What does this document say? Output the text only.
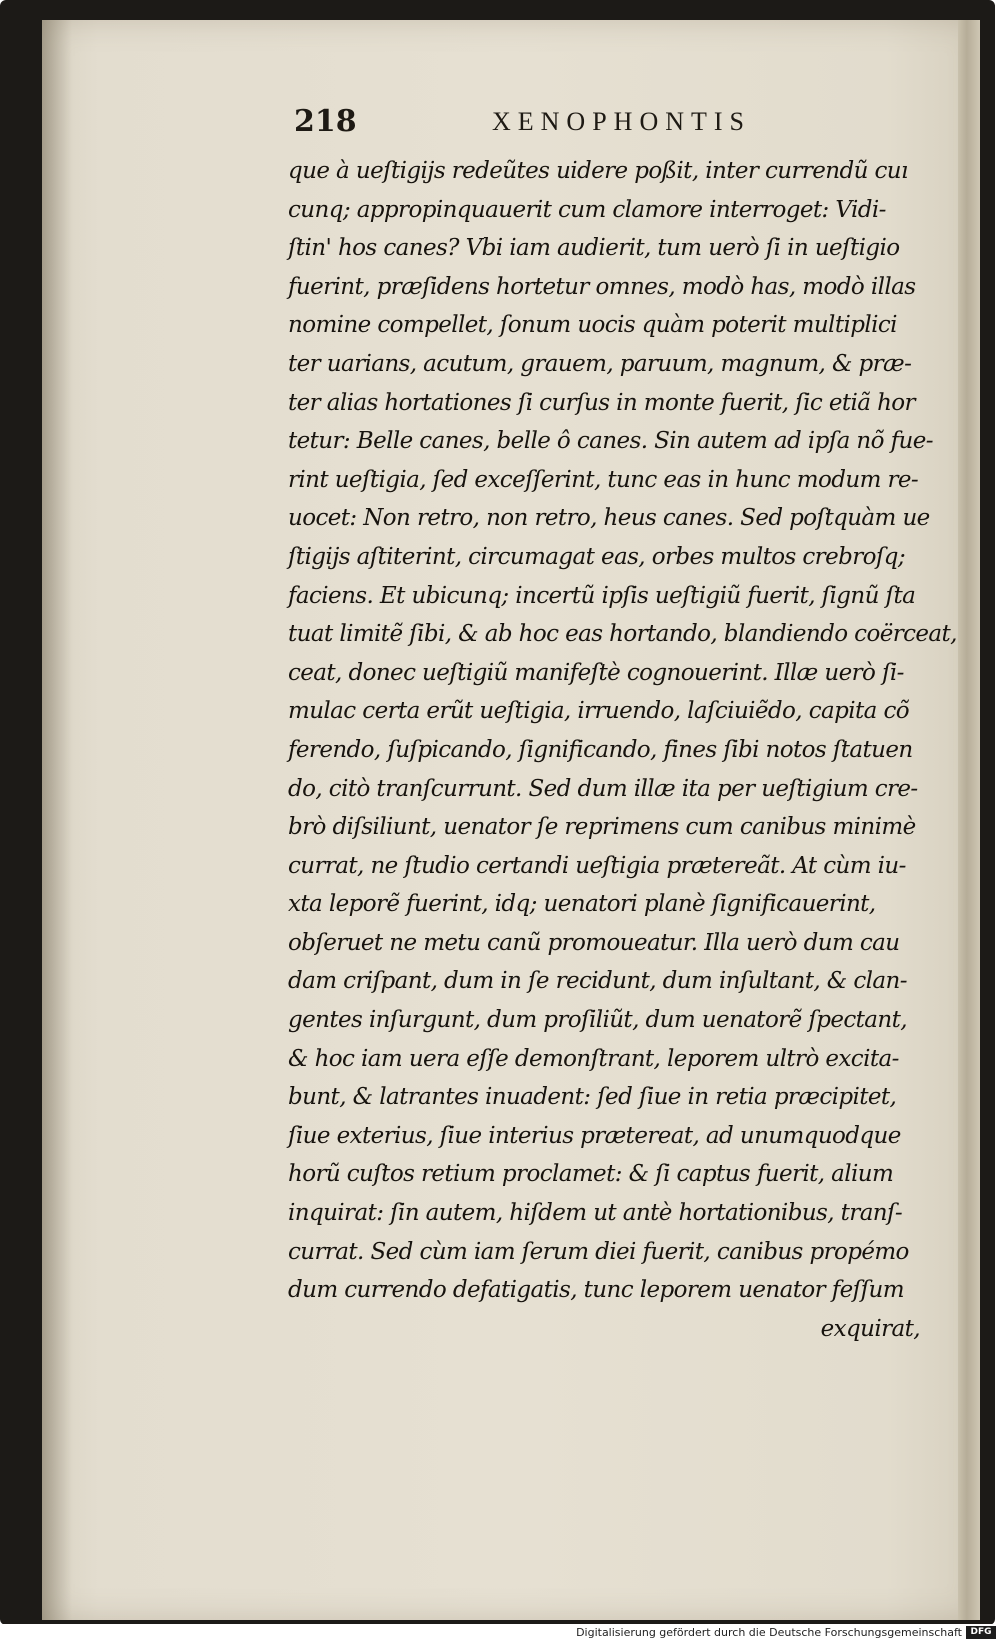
218	XENOPHONTIS
que à ueſtigijs redeũtes uidere poßit, inter currendũ cuı
cunq; appropinquauerit cum clamore interroget: Vidi-
ſtin' hos canes? Vbi iam audierit, tum uerò ſi in ueſtigio
fuerint, præſidens hortetur omnes, modò has, modò illas
nomine compellet, ſonum uocis quàm poterit multiplici
ter uarians, acutum, grauem, paruum, magnum, & præ-
ter alias hortationes ſi curſus in monte fuerit, ſic etiã hor
tetur: Belle canes, belle ô canes. Sin autem ad ipſa nõ fue-
rint ueſtigia, ſed exceſſerint, tunc eas in hunc modum re-
uocet: Non retro, non retro, heus canes. Sed poſtquàm ue
ſtigijs aſtiterint, circumagat eas, orbes multos crebroſq;
faciens. Et ubicunq; incertũ ipſis ueſtigiũ fuerit, ſignũ ſta
tuat limitẽ ſibi, & ab hoc eas hortando, blandiendo coërceat,
ceat, donec ueſtigiũ manifeſtè cognouerint. Illæ uerò ſi-
mulac certa erũt ueſtigia, irruendo, laſciuiẽdo, capita cõ
ferendo, ſuſpicando, ſignificando, fines ſibi notos ſtatuen
do, citò tranſcurrunt. Sed dum illæ ita per ueſtigium cre-
brò diſsiliunt, uenator ſe reprimens cum canibus minimè
currat, ne ſtudio certandi ueſtigia prætereãt. At cùm iu-
xta leporẽ fuerint, idq; uenatori planè ſignificauerint,
obſeruet ne metu canũ promoueatur. Illa uerò dum cau
dam criſpant, dum in ſe recidunt, dum inſultant, & clan-
gentes inſurgunt, dum proſiliũt, dum uenatorẽ ſpectant,
& hoc iam uera eſſe demonſtrant, leporem ultrò excita-
bunt, & latrantes inuadent: ſed ſiue in retia præcipitet,
ſiue exterius, ſiue interius prætereat, ad unumquodque
horũ cuſtos retium proclamet: & ſi captus fuerit, alium
inquirat: ſin autem, hiſdem ut antè hortationibus, tranſ-
currat. Sed cùm iam ſerum diei fuerit, canibus propémo
dum currendo defatigatis, tunc leporem uenator feſſum
exquirat,
Digitalisierung gefördert durch die Deutsche Forschungsgemeinschaft DFG
